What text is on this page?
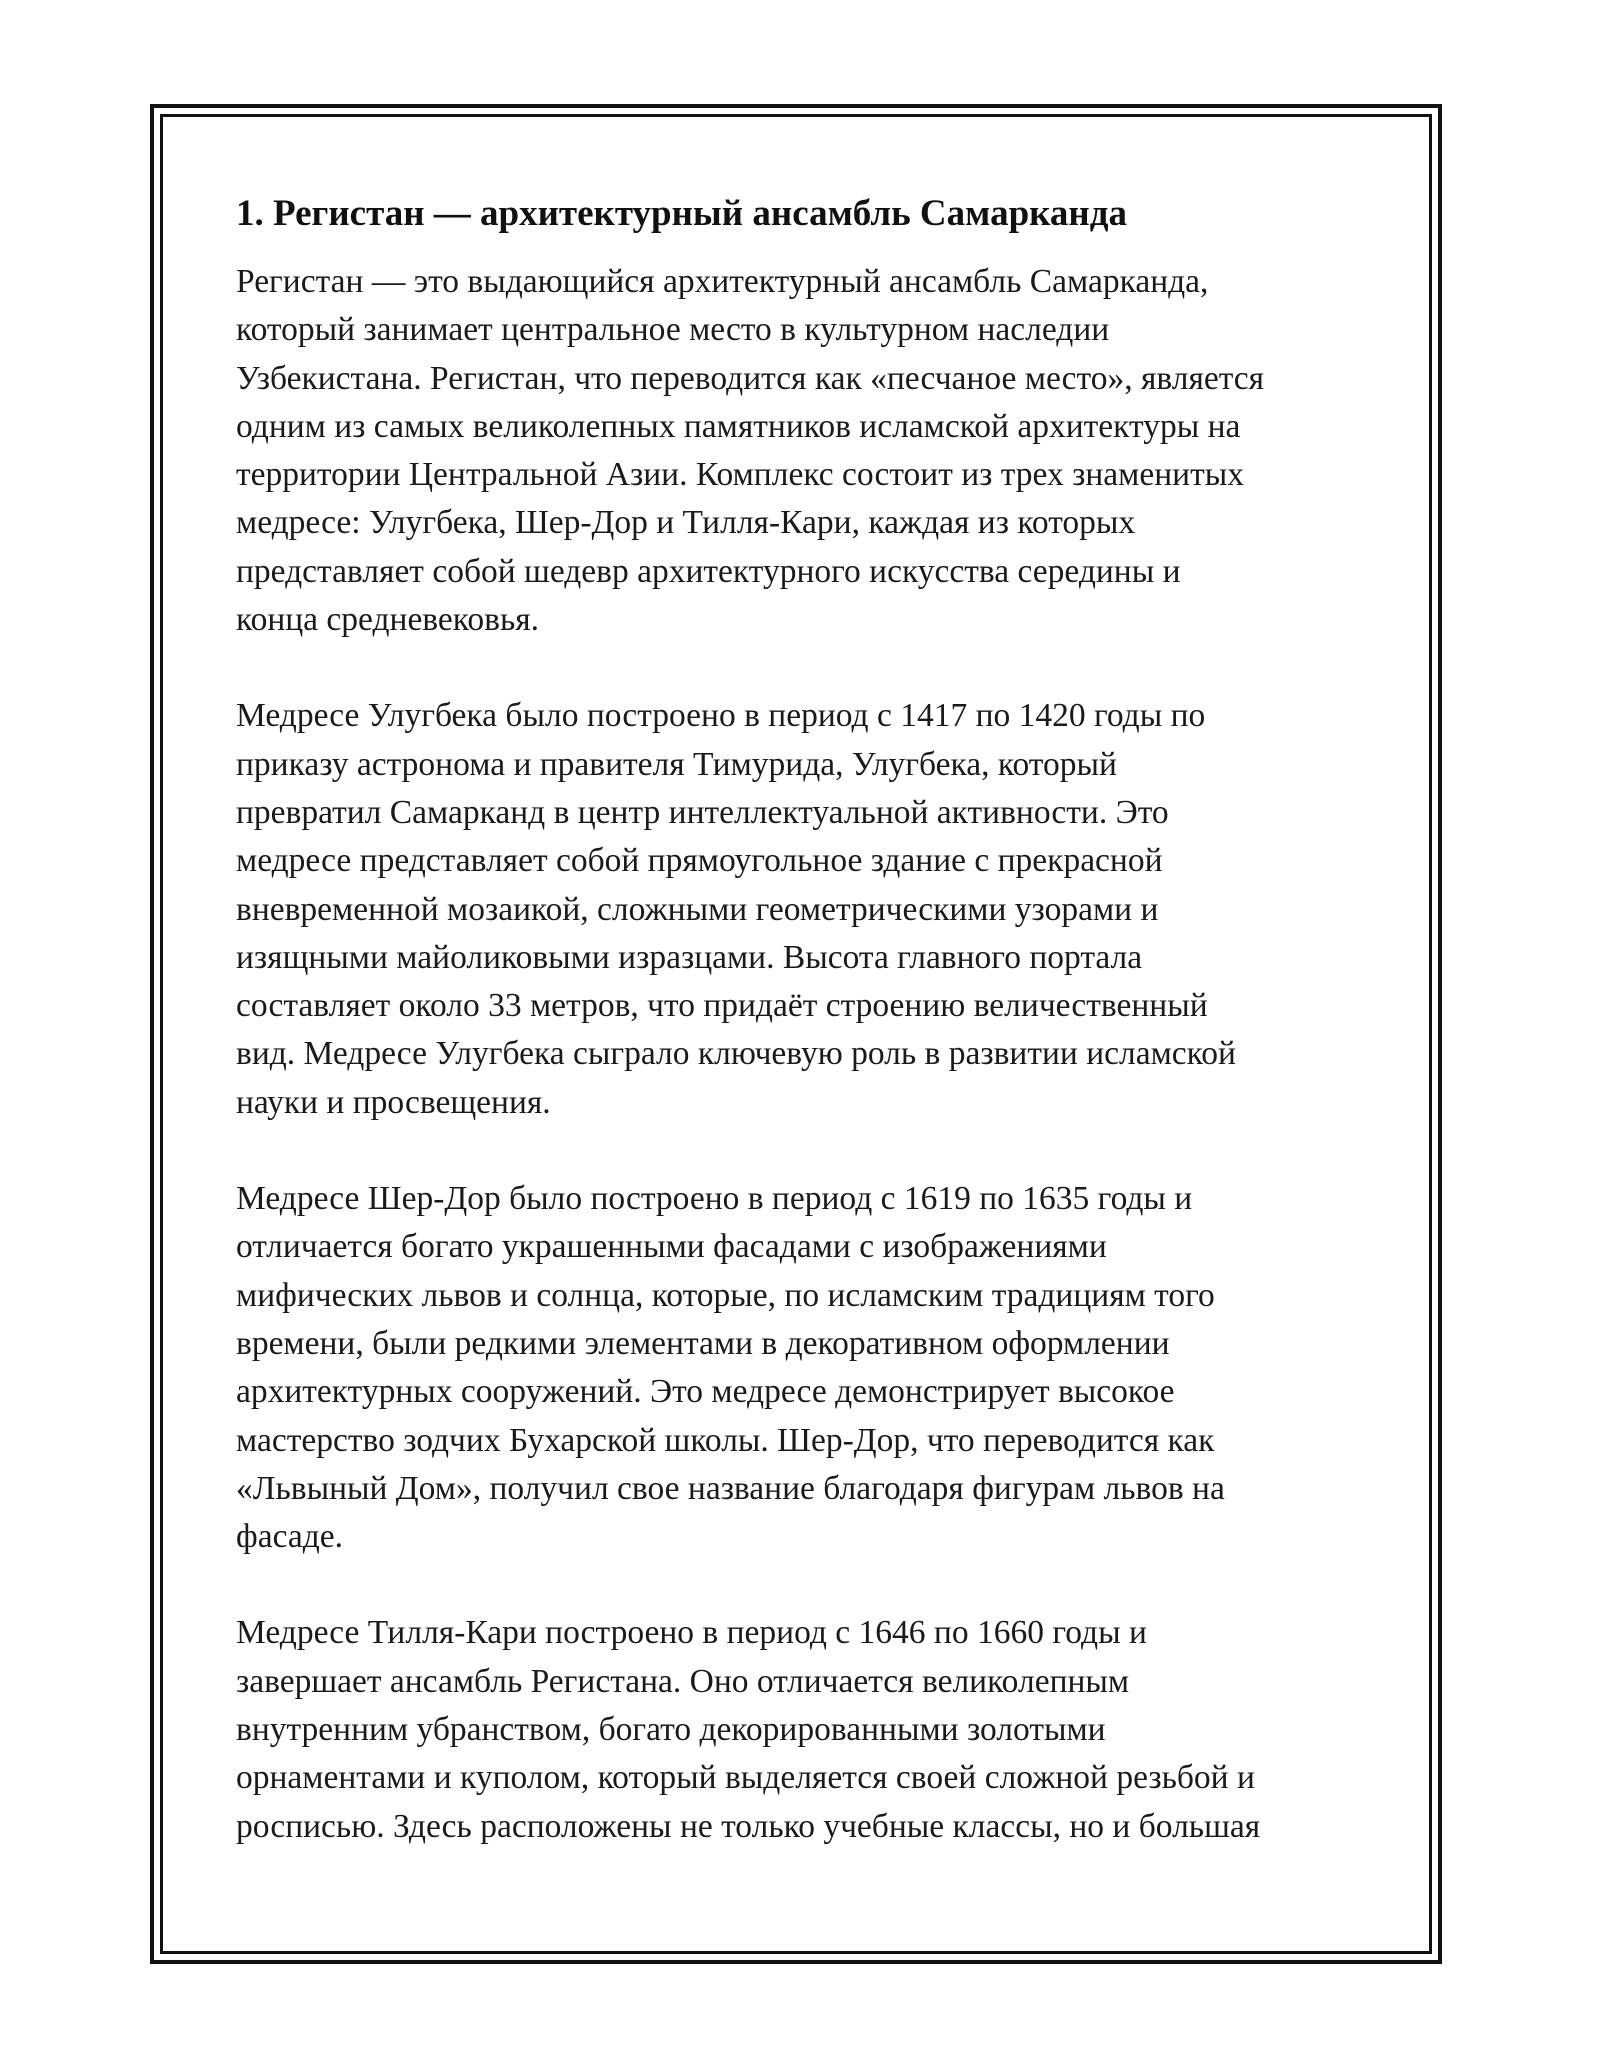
1. Регистан — архитектурный ансамбль Самарканда

Регистан — это выдающийся архитектурный ансамбль Самарканда,
который занимает центральное место в культурном наследии
Узбекистана. Регистан, что переводится как «песчаное место», является
одним из самых великолепных памятников исламской архитектуры на
территории Центральной Азии. Комплекс состоит из трех знаменитых
медресе: Улугбека, Шер-Дор и Тилля-Кари, каждая из которых
представляет собой шедевр архитектурного искусства середины и
конца средневековья.

Медресе Улугбека было построено в период с 1417 по 1420 годы по
приказу астронома и правителя Тимурида, Улугбека, который
превратил Самарканд в центр интеллектуальной активности. Это
медресе представляет собой прямоугольное здание с прекрасной
вневременной мозаикой, сложными геометрическими узорами и
изящными майоликовыми изразцами. Высота главного портала
составляет около 33 метров, что придаёт строению величественный
вид. Медресе Улугбека сыграло ключевую роль в развитии исламской
науки и просвещения.

Медресе Шер-Дор было построено в период с 1619 по 1635 годы и
отличается богато украшенными фасадами с изображениями
мифических львов и солнца, которые, по исламским традициям того
времени, были редкими элементами в декоративном оформлении
архитектурных сооружений. Это медресе демонстрирует высокое
мастерство зодчих Бухарской школы. Шер-Дор, что переводится как
«Львыный Дом», получил свое название благодаря фигурам львов на
фасаде.

Медресе Тилля-Кари построено в период с 1646 по 1660 годы и
завершает ансамбль Регистана. Оно отличается великолепным
внутренним убранством, богато декорированными золотыми
орнаментами и куполом, который выделяется своей сложной резьбой и
росписью. Здесь расположены не только учебные классы, но и большая
